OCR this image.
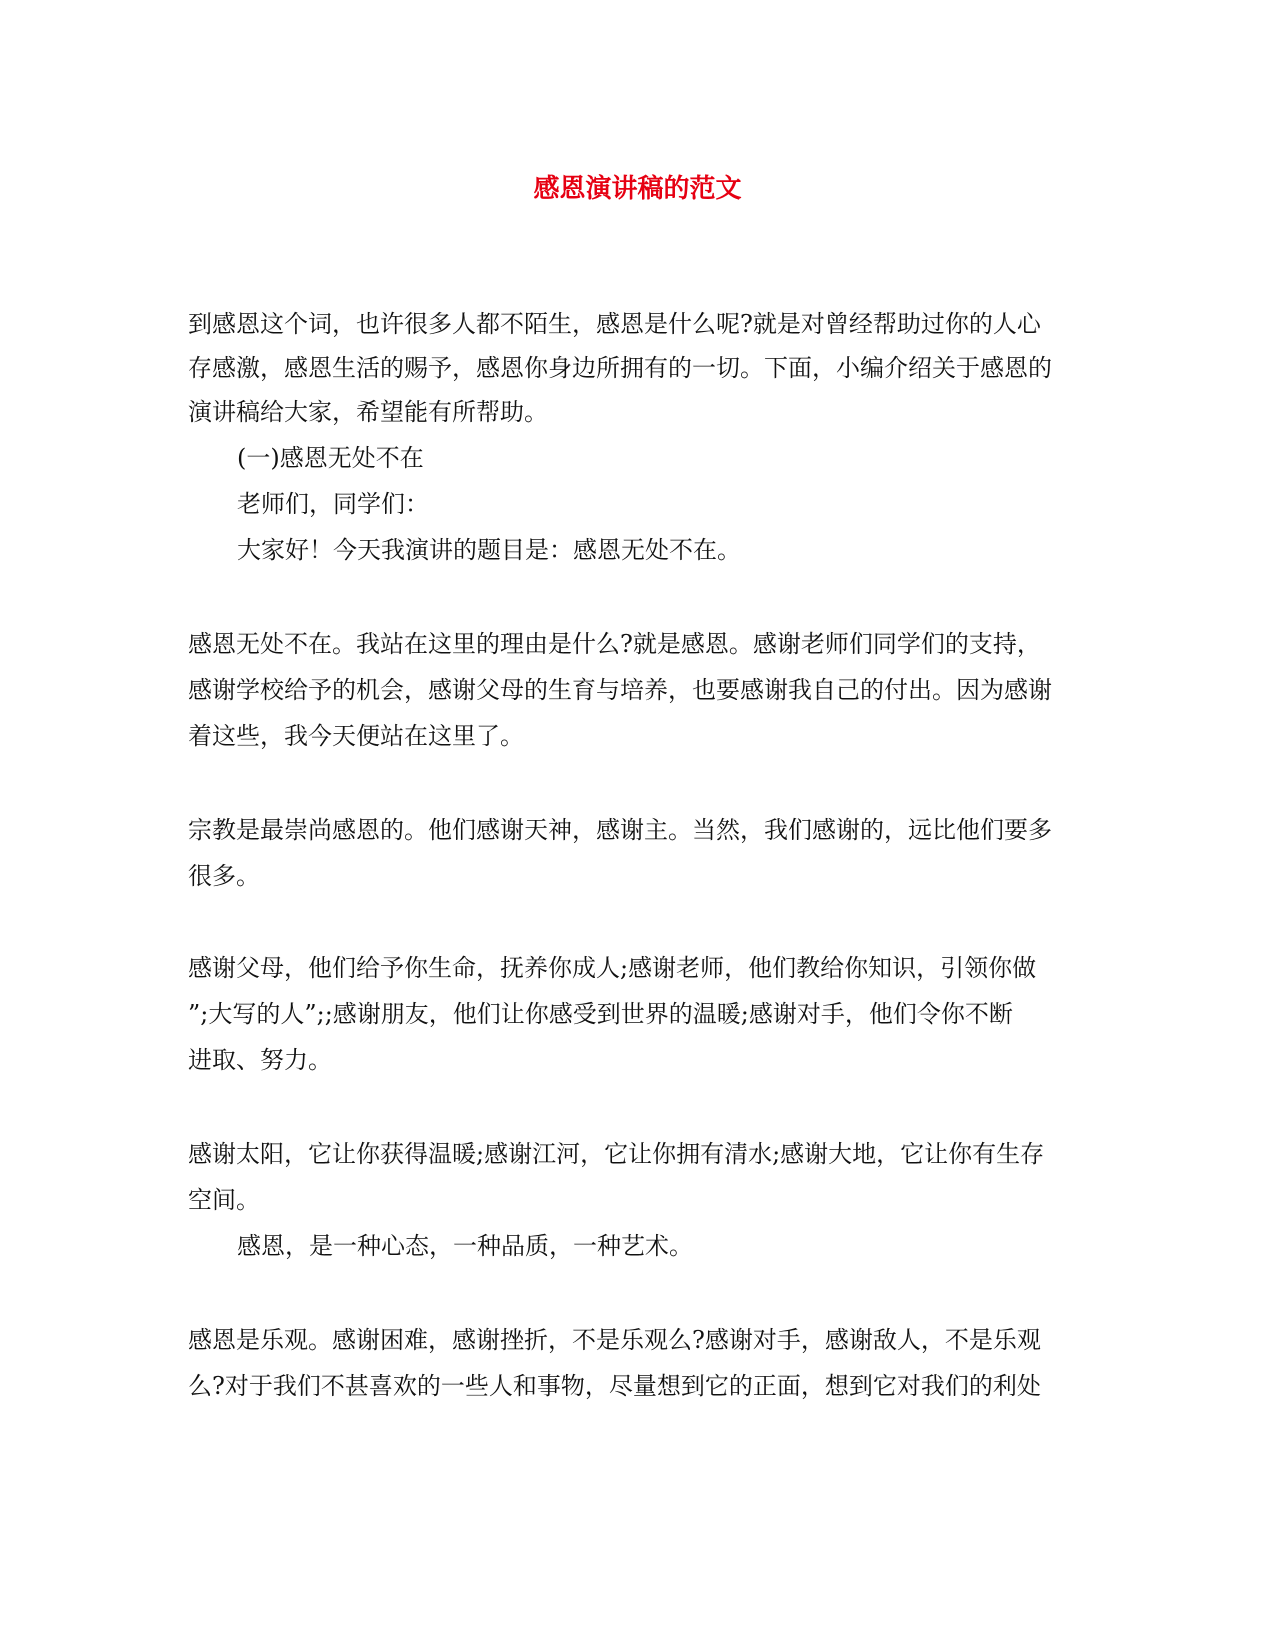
感恩演讲稿的范文
到感恩这个词，也许很多人都不陌生，感恩是什么呢?就是对曾经帮助过你的人心
存感激，感恩生活的赐予，感恩你身边所拥有的一切。下面，小编介绍关于感恩的
演讲稿给大家，希望能有所帮助。
(一)感恩无处不在
老师们，同学们：
大家好！今天我演讲的题目是：感恩无处不在。
感恩无处不在。我站在这里的理由是什么?就是感恩。感谢老师们同学们的支持，
感谢学校给予的机会，感谢父母的生育与培养，也要感谢我自己的付出。因为感谢
着这些，我今天便站在这里了。
宗教是最崇尚感恩的。他们感谢天神，感谢主。当然，我们感谢的，远比他们要多
很多。
感谢父母，他们给予你生命，抚养你成人;感谢老师，他们教给你知识，引领你做
”;大写的人”;;感谢朋友，他们让你感受到世界的温暖;感谢对手，他们令你不断
进取、努力。
感谢太阳，它让你获得温暖;感谢江河，它让你拥有清水;感谢大地，它让你有生存
空间。
感恩，是一种心态，一种品质，一种艺术。
感恩是乐观。感谢困难，感谢挫折，不是乐观么?感谢对手，感谢敌人，不是乐观
么?对于我们不甚喜欢的一些人和事物，尽量想到它的正面，想到它对我们的利处
